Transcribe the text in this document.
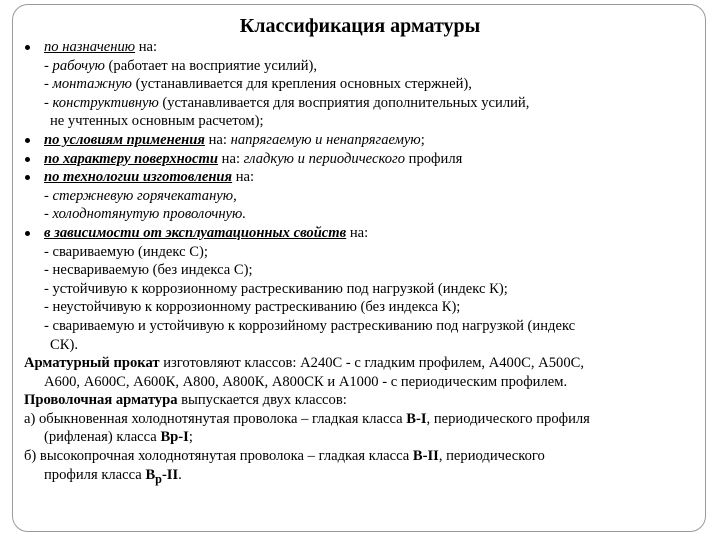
Классификация арматуры
по назначению на:
- рабочую (работает на восприятие усилий),
- монтажную (устанавливается для крепления основных стержней),
- конструктивную (устанавливается для восприятия дополнительных усилий,
не учтенных основным расчетом);
по условиям применения на: напрягаемую и ненапрягаемую;
по характеру поверхности на: гладкую и периодического профиля
по технологии изготовления на:
- стержневую горячекатаную,
- холоднотянутую проволочную.
в зависимости от эксплуатационных свойств на:
- свариваемую (индекс С);
- несвариваемую (без индекса С);
- устойчивую к коррозионному растрескиванию под нагрузкой (индекс К);
- неустойчивую к коррозионному растрескиванию (без индекса К);
- свариваемую и устойчивую к коррозийному растрескиванию под нагрузкой (индекс
СК).
Арматурный прокат изготовляют классов: А240С - с гладким профилем, А400С, А500С,
А600, А600С, А600К, А800, А800К, А800СК и А1000 - с периодическим профилем.
Проволочная арматура выпускается двух классов:
а) обыкновенная холоднотянутая проволока – гладкая класса В-I, периодического профиля
(рифленая) класса Вр-I;
б) высокопрочная холоднотянутая проволока – гладкая класса В-II, периодического
профиля класса $В_р-II$.
